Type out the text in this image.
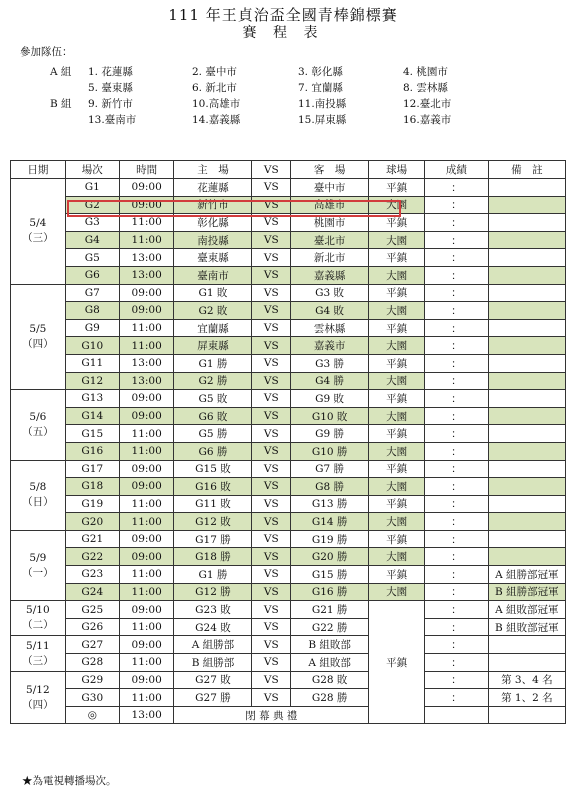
111 年王貞治盃全國青棒錦標賽
賽 程 表
參加隊伍：
A 組
B 組
1. 花蓮縣	2. 臺中市	3. 彰化縣	4. 桃園市
5. 臺東縣	6. 新北市	7. 宜蘭縣	8. 雲林縣
9. 新竹市	10.高雄市	11.南投縣	12.臺北市
13.臺南市	14.嘉義縣	15.屏東縣	16.嘉義市
日期	場次	時間	主　場	VS	客　場	球場	成績	備　註

5/4
（三）	G1	09:00	花蓮縣	VS	臺中市	平鎮	：	
	G2	09:00	新竹市	VS	高雄市	大園	：	
	G3	11:00	彰化縣	VS	桃園市	平鎮	：	
	G4	11:00	南投縣	VS	臺北市	大園	：	
	G5	13:00	臺東縣	VS	新北市	平鎮	：	
	G6	13:00	臺南市	VS	嘉義縣	大園	：	

5/5
（四）	G7	09:00	G1 敗	VS	G3 敗	平鎮	：	
	G8	09:00	G2 敗	VS	G4 敗	大園	：	
	G9	11:00	宜蘭縣	VS	雲林縣	平鎮	：	
	G10	11:00	屏東縣	VS	嘉義市	大園	：	
	G11	13:00	G1 勝	VS	G3 勝	平鎮	：	
	G12	13:00	G2 勝	VS	G4 勝	大園	：	

5/6
（五）	G13	09:00	G5 敗	VS	G9 敗	平鎮	：	
	G14	09:00	G6 敗	VS	G10 敗	大園	：	
	G15	11:00	G5 勝	VS	G9 勝	平鎮	：	
	G16	11:00	G6 勝	VS	G10 勝	大園	：	

5/8
（日）	G17	09:00	G15 敗	VS	G7 勝	平鎮	：	
	G18	09:00	G16 敗	VS	G8 勝	大園	：	
	G19	11:00	G11 敗	VS	G13 勝	平鎮	：	
	G20	11:00	G12 敗	VS	G14 勝	大園	：	

5/9
（一）	G21	09:00	G17 勝	VS	G19 勝	平鎮	：	
	G22	09:00	G18 勝	VS	G20 勝	大園	：	
	G23	11:00	G1 勝	VS	G15 勝	平鎮	：	A 組勝部冠軍
	G24	11:00	G12 勝	VS	G16 勝	大園	：	B 組勝部冠軍

5/10
（二）	G25	09:00	G23 敗	VS	G21 勝	平鎮	：	A 組敗部冠軍
	G26	11:00	G24 敗	VS	G22 勝		：	B 組敗部冠軍

5/11
（三）	G27	09:00	A 組勝部	VS	B 組敗部		：	
	G28	11:00	B 組勝部	VS	A 組敗部		：	

5/12
（四）	G29	09:00	G27 敗	VS	G28 敗		：	第 3、4 名
	G30	11:00	G27 勝	VS	G28 勝		：	第 1、2 名
	◎	13:00	閉 幕 典 禮					
★為電視轉播場次。
